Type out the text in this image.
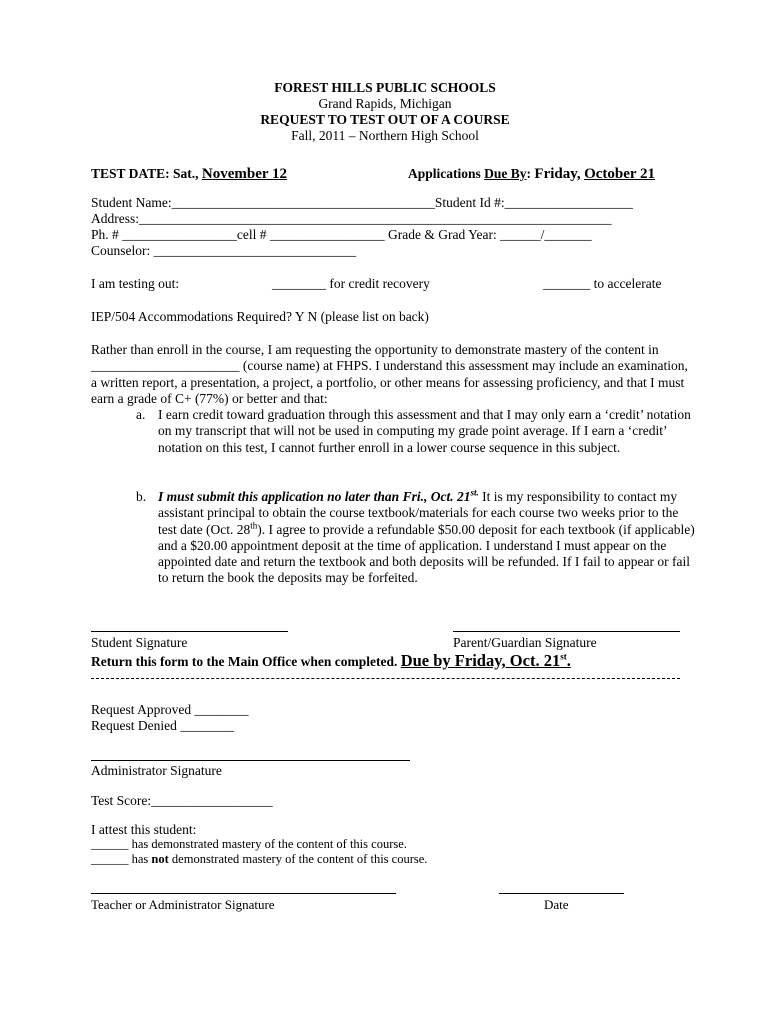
FOREST HILLS PUBLIC SCHOOLS
Grand Rapids, Michigan
REQUEST TO TEST OUT OF A COURSE
Fall, 2011 – Northern High School
TEST DATE: Sat., November 12	Applications Due By: Friday, October 21
Student Name:_______________________________________Student Id #:___________________
Address:______________________________________________________________________
Ph. # _________________cell # _________________ Grade & Grad Year: ______/_______
Counselor: ______________________________
I am testing out:	________ for credit recovery	_______ to accelerate
IEP/504 Accommodations Required? Y N (please list on back)
Rather than enroll in the course, I am requesting the opportunity to demonstrate mastery of the content in ______________________ (course name) at FHPS. I understand this assessment may include an examination, a written report, a presentation, a project, a portfolio, or other means for assessing proficiency, and that I must earn a grade of C+ (77%) or better and that:
a. I earn credit toward graduation through this assessment and that I may only earn a ‘credit’ notation on my transcript that will not be used in computing my grade point average. If I earn a ‘credit’ notation on this test, I cannot further enroll in a lower course sequence in this subject.
b. I must submit this application no later than Fri., Oct. $21^{st.}$ It is my responsibility to contact my assistant principal to obtain the course textbook/materials for each course two weeks prior to the test date (Oct. 28th). I agree to provide a refundable $50.00 deposit for each textbook (if applicable) and a $20.00 appointment deposit at the time of application. I understand I must appear on the appointed date and return the textbook and both deposits will be refunded. If I fail to appear or fail to return the book the deposits may be forfeited.
Student Signature	Parent/Guardian Signature
Return this form to the Main Office when completed. Due by Friday, Oct. 21st.
Request Approved ________
Request Denied ________
Administrator Signature
Test Score:__________________
I attest this student:
______ has demonstrated mastery of the content of this course.
______ has not demonstrated mastery of the content of this course.
Teacher or Administrator Signature	Date
